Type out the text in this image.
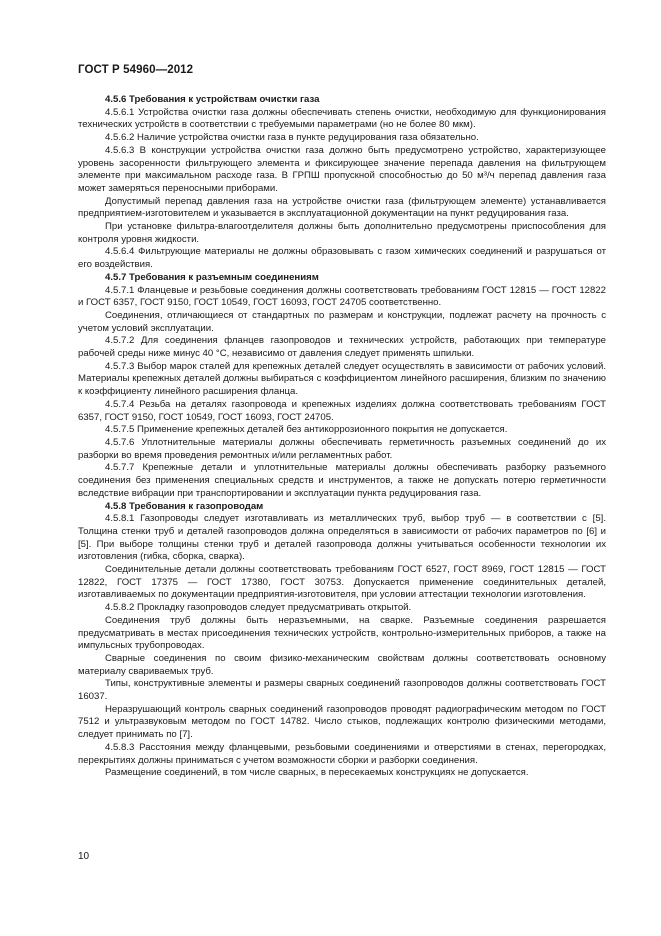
ГОСТ Р 54960—2012

4.5.6 Требования к устройствам очистки газа

4.5.6.1 Устройства очистки газа должны обеспечивать степень очистки, необходимую для функционирования технических устройств в соответствии с требуемыми параметрами (но не более 80 мкм).

4.5.6.2 Наличие устройства очистки газа в пункте редуцирования газа обязательно.

4.5.6.3 В конструкции устройства очистки газа должно быть предусмотрено устройство, характеризующее уровень засоренности фильтрующего элемента и фиксирующее значение перепада давления на фильтрующем элементе при максимальном расходе газа. В ГРПШ пропускной способностью до 50 м³/ч перепад давления газа может замеряться переносными приборами.

Допустимый перепад давления газа на устройстве очистки газа (фильтрующем элементе) устанавливается предприятием-изготовителем и указывается в эксплуатационной документации на пункт редуцирования газа.

При установке фильтра-влагоотделителя должны быть дополнительно предусмотрены приспособления для контроля уровня жидкости.

4.5.6.4 Фильтрующие материалы не должны образовывать с газом химических соединений и разрушаться от его воздействия.

4.5.7 Требования к разъемным соединениям

4.5.7.1 Фланцевые и резьбовые соединения должны соответствовать требованиям ГОСТ 12815 — ГОСТ 12822 и ГОСТ 6357, ГОСТ 9150, ГОСТ 10549, ГОСТ 16093, ГОСТ 24705 соответственно.

Соединения, отличающиеся от стандартных по размерам и конструкции, подлежат расчету на прочность с учетом условий эксплуатации.

4.5.7.2 Для соединения фланцев газопроводов и технических устройств, работающих при температуре рабочей среды ниже минус 40 °С, независимо от давления следует применять шпильки.

4.5.7.3 Выбор марок сталей для крепежных деталей следует осуществлять в зависимости от рабочих условий. Материалы крепежных деталей должны выбираться с коэффициентом линейного расширения, близким по значению к коэффициенту линейного расширения фланца.

4.5.7.4 Резьба на деталях газопровода и крепежных изделиях должна соответствовать требованиям ГОСТ 6357, ГОСТ 9150, ГОСТ 10549, ГОСТ 16093, ГОСТ 24705.

4.5.7.5 Применение крепежных деталей без антикоррозионного покрытия не допускается.

4.5.7.6 Уплотнительные материалы должны обеспечивать герметичность разъемных соединений до их разборки во время проведения ремонтных и/или регламентных работ.

4.5.7.7 Крепежные детали и уплотнительные материалы должны обеспечивать разборку разъемного соединения без применения специальных средств и инструментов, а также не допускать потерю герметичности вследствие вибрации при транспортировании и эксплуатации пункта редуцирования газа.

4.5.8 Требования к газопроводам

4.5.8.1 Газопроводы следует изготавливать из металлических труб, выбор труб — в соответствии с [5]. Толщина стенки труб и деталей газопроводов должна определяться в зависимости от рабочих параметров по [6] и [5]. При выборе толщины стенки труб и деталей газопровода должны учитываться особенности технологии их изготовления (гибка, сборка, сварка).

Соединительные детали должны соответствовать требованиям ГОСТ 6527, ГОСТ 8969, ГОСТ 12815 — ГОСТ 12822, ГОСТ 17375 — ГОСТ 17380, ГОСТ 30753. Допускается применение соединительных деталей, изготавливаемых по документации предприятия-изготовителя, при условии аттестации технологии изготовления.

4.5.8.2 Прокладку газопроводов следует предусматривать открытой.

Соединения труб должны быть неразъемными, на сварке. Разъемные соединения разрешается предусматривать в местах присоединения технических устройств, контрольно-измерительных приборов, а также на импульсных трубопроводах.

Сварные соединения по своим физико-механическим свойствам должны соответствовать основному материалу свариваемых труб.

Типы, конструктивные элементы и размеры сварных соединений газопроводов должны соответствовать ГОСТ 16037.

Неразрушающий контроль сварных соединений газопроводов проводят радиографическим методом по ГОСТ 7512 и ультразвуковым методом по ГОСТ 14782. Число стыков, подлежащих контролю физическими методами, следует принимать по [7].

4.5.8.3 Расстояния между фланцевыми, резьбовыми соединениями и отверстиями в стенах, перегородках, перекрытиях должны приниматься с учетом возможности сборки и разборки соединения.

Размещение соединений, в том числе сварных, в пересекаемых конструкциях не допускается.

10
